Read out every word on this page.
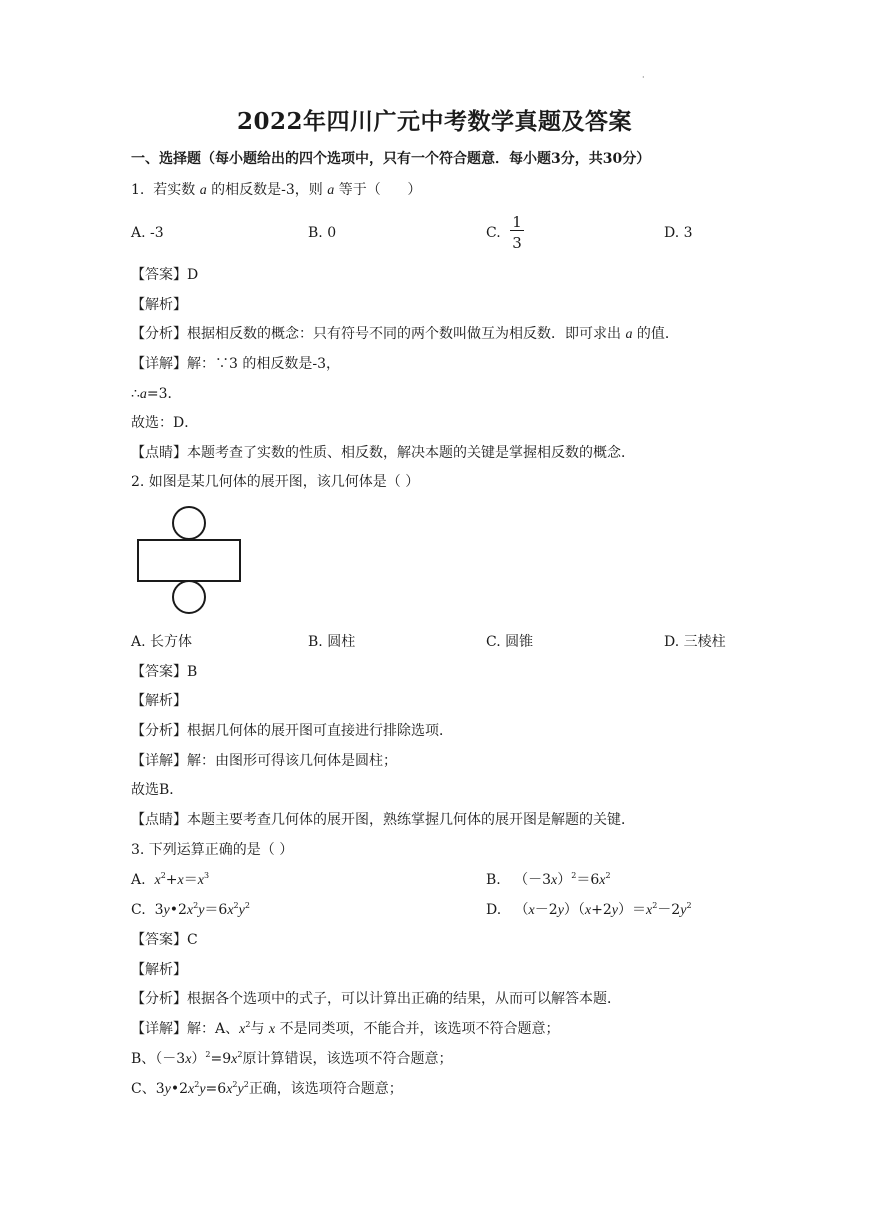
·
2022年四川广元中考数学真题及答案
一、选择题（每小题给出的四个选项中，只有一个符合题意．每小题3分，共30分）
1.  若实数 a 的相反数是-3，则 a 等于（      ）
A. -3	B. 0	C.
1
3
D. 3
【答案】D
【解析】
【分析】根据相反数的概念：只有符号不同的两个数叫做互为相反数．即可求出 a 的值．
【详解】解：∵3 的相反数是-3，
∴a=3．
故选：D．
【点睛】本题考查了实数的性质、相反数，解决本题的关键是掌握相反数的概念．
2. 如图是某几何体的展开图，该几何体是（ ）
A. 长方体	B. 圆柱	C. 圆锥	D. 三棱柱
【答案】B
【解析】
【分析】根据几何体的展开图可直接进行排除选项．
【详解】解：由图形可得该几何体是圆柱；
故选B．
【点睛】本题主要考查几何体的展开图，熟练掌握几何体的展开图是解题的关键．
3. 下列运算正确的是（ ）
A. $x^2+x=x^3$	B.   $(-3x)^2=6x^2$
C.  $3y•2x^2y=6x^2y^2$	D.   $(x-2y)(x+2y)=x^2-2y^2$
【答案】C
【解析】
【分析】根据各个选项中的式子，可以计算出正确的结果，从而可以解答本题．
【详解】解：A、$x^2$与 x 不是同类项，不能合并，该选项不符合题意；
B、$(-3x)^2=9x^2$原计算错误，该选项不符合题意；
C、$3y•2x^2y=6x^2y^2$正确，该选项符合题意；
